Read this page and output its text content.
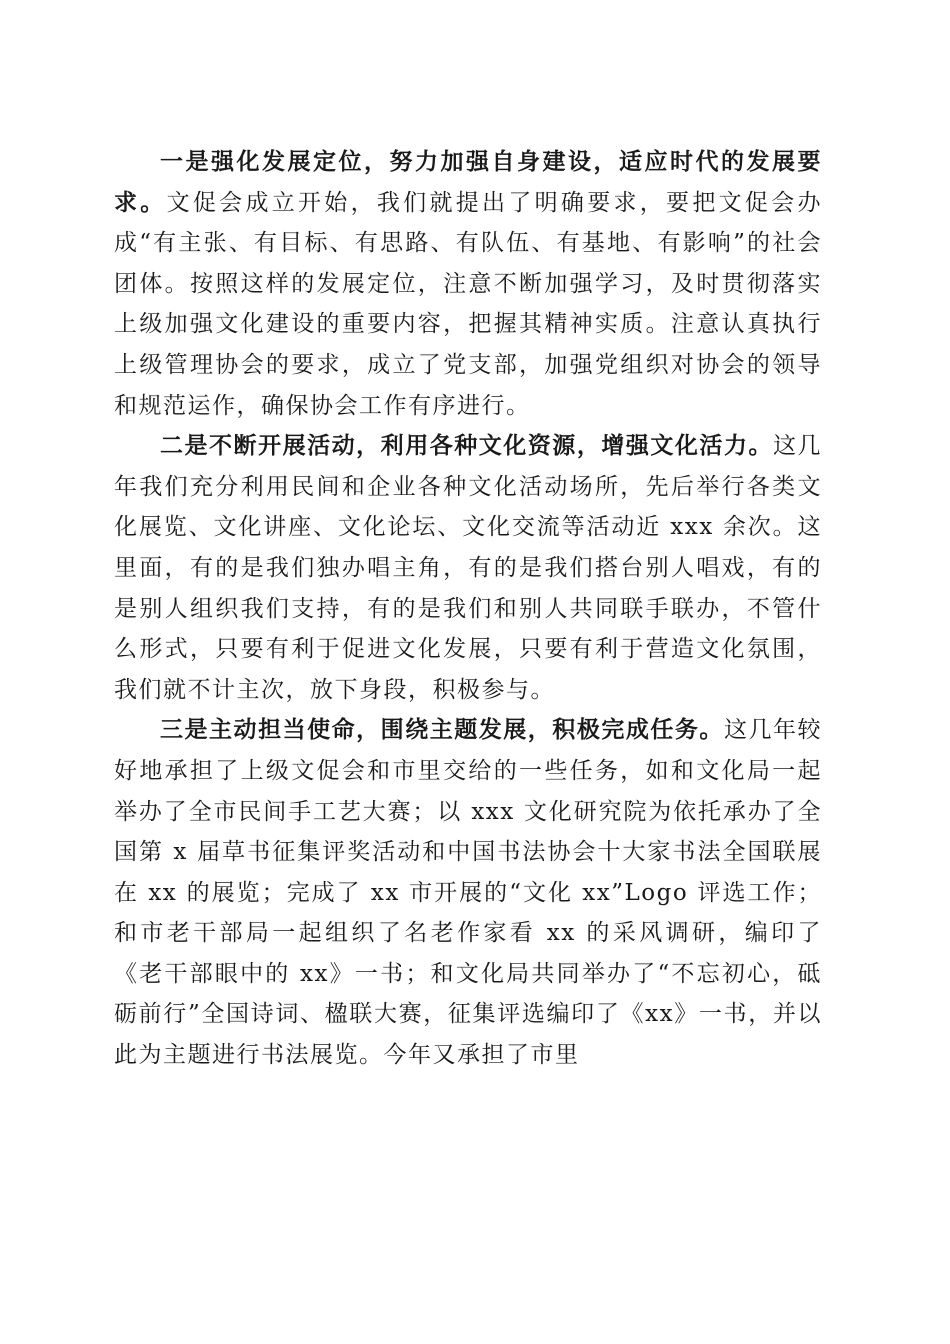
一是强化发展定位，努力加强自身建设，适应时代的发展要求。文促会成立开始，我们就提出了明确要求，要把文促会办成“有主张、有目标、有思路、有队伍、有基地、有影响”的社会团体。按照这样的发展定位，注意不断加强学习，及时贯彻落实上级加强文化建设的重要内容，把握其精神实质。注意认真执行上级管理协会的要求，成立了党支部，加强党组织对协会的领导和规范运作，确保协会工作有序进行。

二是不断开展活动，利用各种文化资源，增强文化活力。这几年我们充分利用民间和企业各种文化活动场所，先后举行各类文化展览、文化讲座、文化论坛、文化交流等活动近 xxx 余次。这里面，有的是我们独办唱主角，有的是我们搭台别人唱戏，有的是别人组织我们支持，有的是我们和别人共同联手联办，不管什么形式，只要有利于促进文化发展，只要有利于营造文化氛围，我们就不计主次，放下身段，积极参与。

三是主动担当使命，围绕主题发展，积极完成任务。这几年较好地承担了上级文促会和市里交给的一些任务，如和文化局一起举办了全市民间手工艺大赛；以 xxx 文化研究院为依托承办了全国第 x 届草书征集评奖活动和中国书法协会十大家书法全国联展在 xx 的展览；完成了 xx 市开展的“文化 xx”Logo 评选工作；和市老干部局一起组织了名老作家看 xx 的采风调研，编印了《老干部眼中的 xx》一书；和文化局共同举办了“不忘初心，砥砺前行”全国诗词、楹联大赛，征集评选编印了《xx》一书，并以此为主题进行书法展览。今年又承担了市里
